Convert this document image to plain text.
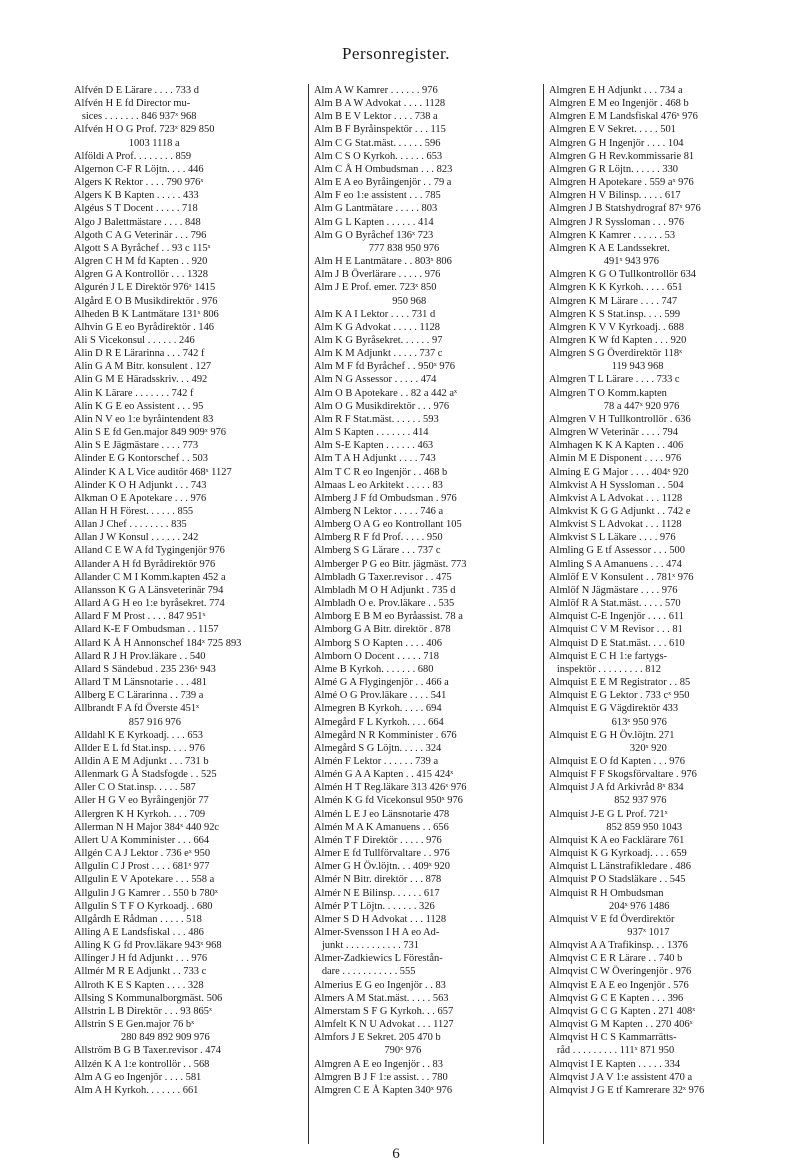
Personregister.
Alfvén D E Lärare . . . . 733 d
Alfvén H E fd Director mu-
sices . . . . . . . 846 937ˣ 968
Alfvén H O G Prof. 723ˣ 829 850
1003 1118 a
Alföldi A Prof. . . . . . . . 859
Algernon C-F R Löjtn. . . . 446
Algers K Rektor . . . . 790 976ˣ
Algers K B Kapten . . . . . 433
Algéus S T Docent . . . . . 718
Algo J Balettmästare . . . . 848
Algoth C A G Veterinär . . . 796
Algott S A Byråchef . . 93 c 115ˣ
Algren C H M fd Kapten . . 920
Algren G A Kontrollör . . . 1328
Algurén J L E Direktör 976ˣ 1415
Algård E O B Musikdirektör . 976
Alheden B K Lantmätare 131ˣ 806
Alhvin G E eo Byrådirektör . 146
Ali S Vicekonsul . . . . . . 246
Alin D R E Lärarinna . . . 742 f
Alin G A M Bitr. konsulent . 127
Alin G M E Häradsskriv. . . 492
Alin K Lärare . . . . . . . 742 f
Alin K G E eo Assistent . . . 95
Alin N V eo 1:e byråintendent 83
Alin S E fd Gen.major 849 909ˣ 976
Alin S E Jägmästare . . . . 773
Alinder E G Kontorschef . . 503
Alinder K A L Vice auditör 468ˣ 1127
Alinder K O H Adjunkt . . . 743
Alkman O E Apotekare . . . 976
Allan H H Förest. . . . . . 855
Allan J Chef . . . . . . . . 835
Allan J W Konsul . . . . . . 242
Alland C E W A fd Tygingenjör 976
Allander A H fd Byrådirektör 976
Allander C M I Komm.kapten 452 a
Allansson K G A Länsveterinär 794
Allard A G H eo 1:e byråsekret. 774
Allard F M Prost . . . . 847 951ˣ
Allard K-E F Ombudsman . . 1157
Allard K Å H Annonschef 184ˣ 725 893
Allard R J H Prov.läkare . . 540
Allard S Sändebud . 235 236ˣ 943
Allard T M Länsnotarie . . . 481
Allberg E C Lärarinna . . 739 a
Allbrandt F A fd Överste 451ˣ
857 916 976
Alldahl K E Kyrkoadj. . . . 653
Allder E L fd Stat.insp. . . . 976
Alldin A E M Adjunkt . . . 731 b
Allenmark G Å Stadsfogde . . 525
Aller C O Stat.insp. . . . . 587
Aller H G V eo Byråingenjör 77
Allergren K H Kyrkoh. . . . 709
Allerman N H Major 384ˣ 440 92c
Allert U A Komminister . . . 664
Allgén C A J Lektor . 736 eˣ 950
Allgulin C J Prost . . . . 681ˣ 977
Allgulin E V Apotekare . . . 558 a
Allgulin J G Kamrer . . 550 b 780ˣ
Allgulin S T F O Kyrkoadj. . 680
Allgårdh E Rådman . . . . . 518
Alling A E Landsfiskal . . . 486
Alling K G fd Prov.läkare 943ˣ 968
Allinger J H fd Adjunkt . . . 976
Allmér M R E Adjunkt . . 733 c
Allroth K E S Kapten . . . . 328
Allsing S Kommunalborgmäst. 506
Allstrin L B Direktör . . . 93 865ˣ
Allstrin S E Gen.major 76 bˣ
280 849 892 909 976
Allström B G B Taxer.revisor . 474
Allzén K A 1:e kontrollör . . 568
Alm A G eo Ingenjör . . . . 581
Alm A H Kyrkoh. . . . . . . 661
Alm A W Kamrer . . . . . . 976
Alm B A W Advokat . . . . 1128
Alm B E V Lektor . . . . 738 a
Alm B F Byråinspektör . . . 115
Alm C G Stat.mäst. . . . . . 596
Alm C S O Kyrkoh. . . . . . 653
Alm C Å H Ombudsman . . . 823
Alm E A eo Byråingenjör . . 79 a
Alm F eo 1:e assistent . . . 785
Alm G Lantmätare . . . . . 803
Alm G L Kapten . . . . . . 414
Alm G O Byråchef 136ˣ 723
777 838 950 976
Alm H E Lantmätare . . 803ˣ 806
Alm J B Överlärare . . . . . 976
Alm J E Prof. emer. 723ˣ 850
950 968
Alm K A I Lektor . . . . 731 d
Alm K G Advokat . . . . . 1128
Alm K G Byråsekret. . . . . . 97
Alm K M Adjunkt . . . . . 737 c
Alm M F fd Byråchef . . 950ˣ 976
Alm N G Assessor . . . . . 474
Alm O B Apotekare . . 82 a 442 aˣ
Alm O G Musikdirektör . . . 976
Alm R F Stat.mäst. . . . . . 593
Alm S Kapten . . . . . . . 414
Alm S-E Kapten . . . . . . 463
Alm T A H Adjunkt . . . . 743
Alm T C R eo Ingenjör . . 468 b
Almaas L eo Arkitekt . . . . . 83
Almberg J F fd Ombudsman . 976
Almberg N Lektor . . . . . 746 a
Almberg O A G eo Kontrollant 105
Almberg R F fd Prof. . . . . 950
Almberg S G Lärare . . . 737 c
Almberger P G eo Bitr. jägmäst. 773
Almbladh G Taxer.revisor . . 475
Almbladh M O H Adjunkt . 735 d
Almbladh O e. Prov.läkare . . 535
Almborg E B M eo Byråassist. 78 a
Almborg G A Bitr. direktör . 878
Almborg S O Kapten . . . . 406
Almborn O Docent . . . . . 718
Alme B Kyrkoh. . . . . . . 680
Almé G A Flygingenjör . . 466 a
Almé O G Prov.läkare . . . . 541
Almegren B Kyrkoh. . . . . 694
Almegård F L Kyrkoh. . . . 664
Almegård N R Komminister . 676
Almegård S G Löjtn. . . . . 324
Almén F Lektor . . . . . . 739 a
Almén G A A Kapten . . 415 424ˣ
Almén H T Reg.läkare 313 426ˣ 976
Almén K G fd Vicekonsul 950ˣ 976
Almén L E J eo Länsnotarie 478
Almén M A K Amanuens . . 656
Almén T F Direktör . . . . . 976
Almer E fd Tullförvaltare . . 976
Almer G H Öv.löjtn. . . 409ˣ 920
Almér N Bitr. direktör . . . 878
Almér N E Bilinsp. . . . . . 617
Almér P T Löjtn. . . . . . . 326
Almer S D H Advokat . . . 1128
Almer-Svensson I H A eo Ad-
junkt . . . . . . . . . . . 731
Almer-Zadkiewics L Förestån-
dare . . . . . . . . . . . 555
Almerius E G eo Ingenjör . . 83
Almers A M Stat.mäst. . . . . 563
Almerstam S F G Kyrkoh. . . 657
Almfelt K N U Advokat . . . 1127
Almfors J E Sekret. 205 470 b
790ˣ 976
Almgren A E eo Ingenjör . . 83
Almgren B J F 1:e assist. . . 780
Almgren C E Å Kapten 340ˣ 976
Almgren E H Adjunkt . . . 734 a
Almgren E M eo Ingenjör . 468 b
Almgren E M Landsfiskal 476ˣ 976
Almgren E V Sekret. . . . . 501
Almgren G H Ingenjör . . . . 104
Almgren G H Rev.kommissarie 81
Almgren G R Löjtn. . . . . . 330
Almgren H Apotekare . 559 aˣ 976
Almgren H V Bilinsp. . . . . 617
Almgren J B Statshydrograf 87ˣ 976
Almgren J R Syssloman . . . 976
Almgren K Kamrer . . . . . . 53
Almgren K A E Landssekret.
491ˣ 943 976
Almgren K G O Tullkontrollör 634
Almgren K K Kyrkoh. . . . . 651
Almgren K M Lärare . . . . 747
Almgren K S Stat.insp. . . . 599
Almgren K V V Kyrkoadj. . 688
Almgren K W fd Kapten . . . 920
Almgren S G Överdirektör 118ˣ
119 943 968
Almgren T L Lärare . . . . 733 c
Almgren T O Komm.kapten
78 a 447ˣ 920 976
Almgren V H Tullkontrollör . 636
Almgren W Veterinär . . . . 794
Almhagen K K A Kapten . . 406
Almin M E Disponent . . . . 976
Alming E G Major . . . . 404ˣ 920
Almkvist A H Syssloman . . 504
Almkvist A L Advokat . . . 1128
Almkvist K G G Adjunkt . . 742 e
Almkvist S L Advokat . . . 1128
Almkvist S L Läkare . . . . 976
Almling G E tf Assessor . . . 500
Almling S A Amanuens . . . 474
Almlöf E V Konsulent . . 781ˣ 976
Almlöf N Jägmästare . . . . 976
Almlöf R A Stat.mäst. . . . . 570
Almquist C-E Ingenjör . . . . 611
Almquist C V M Revisor . . . 81
Almquist D E Stat.mäst. . . . 610
Almquist E C H 1:e fartygs-
inspektör . . . . . . . . . 812
Almquist E E M Registrator . . 85
Almquist E G Lektor . 733 cˣ 950
Almquist E G Vägdirektör 433
613ˣ 950 976
Almquist E G H Öv.löjtn. 271
320ˣ 920
Almquist E O fd Kapten . . . 976
Almquist F F Skogsförvaltare . 976
Almquist J A fd Arkivråd 8ˣ 834
852 937 976
Almquist J-E G L Prof. 721ˣ
852 859 950 1043
Almquist K A eo Facklärare 761
Almquist K G Kyrkoadj. . . . 659
Almquist L Länstrafikledare . 486
Almquist P O Stadsläkare . . 545
Almquist R H Ombudsman
204ˣ 976 1486
Almquist V E fd Överdirektör
937ˣ 1017
Almqvist A A Trafikinsp. . . 1376
Almqvist C E R Lärare . . 740 b
Almqvist C W Överingenjör . 976
Almqvist E A E eo Ingenjör . 576
Almqvist G C E Kapten . . . 396
Almqvist G C G Kapten . 271 408ˣ
Almqvist G M Kapten . . 270 406ˣ
Almqvist H C S Kammarrätts-
råd . . . . . . . . . 111ˣ 871 950
Almqvist I E Kapten . . . . . 334
Almqvist J A V 1:e assistent 470 a
Almqvist J G E tf Kamrerare 32ˣ 976
6
